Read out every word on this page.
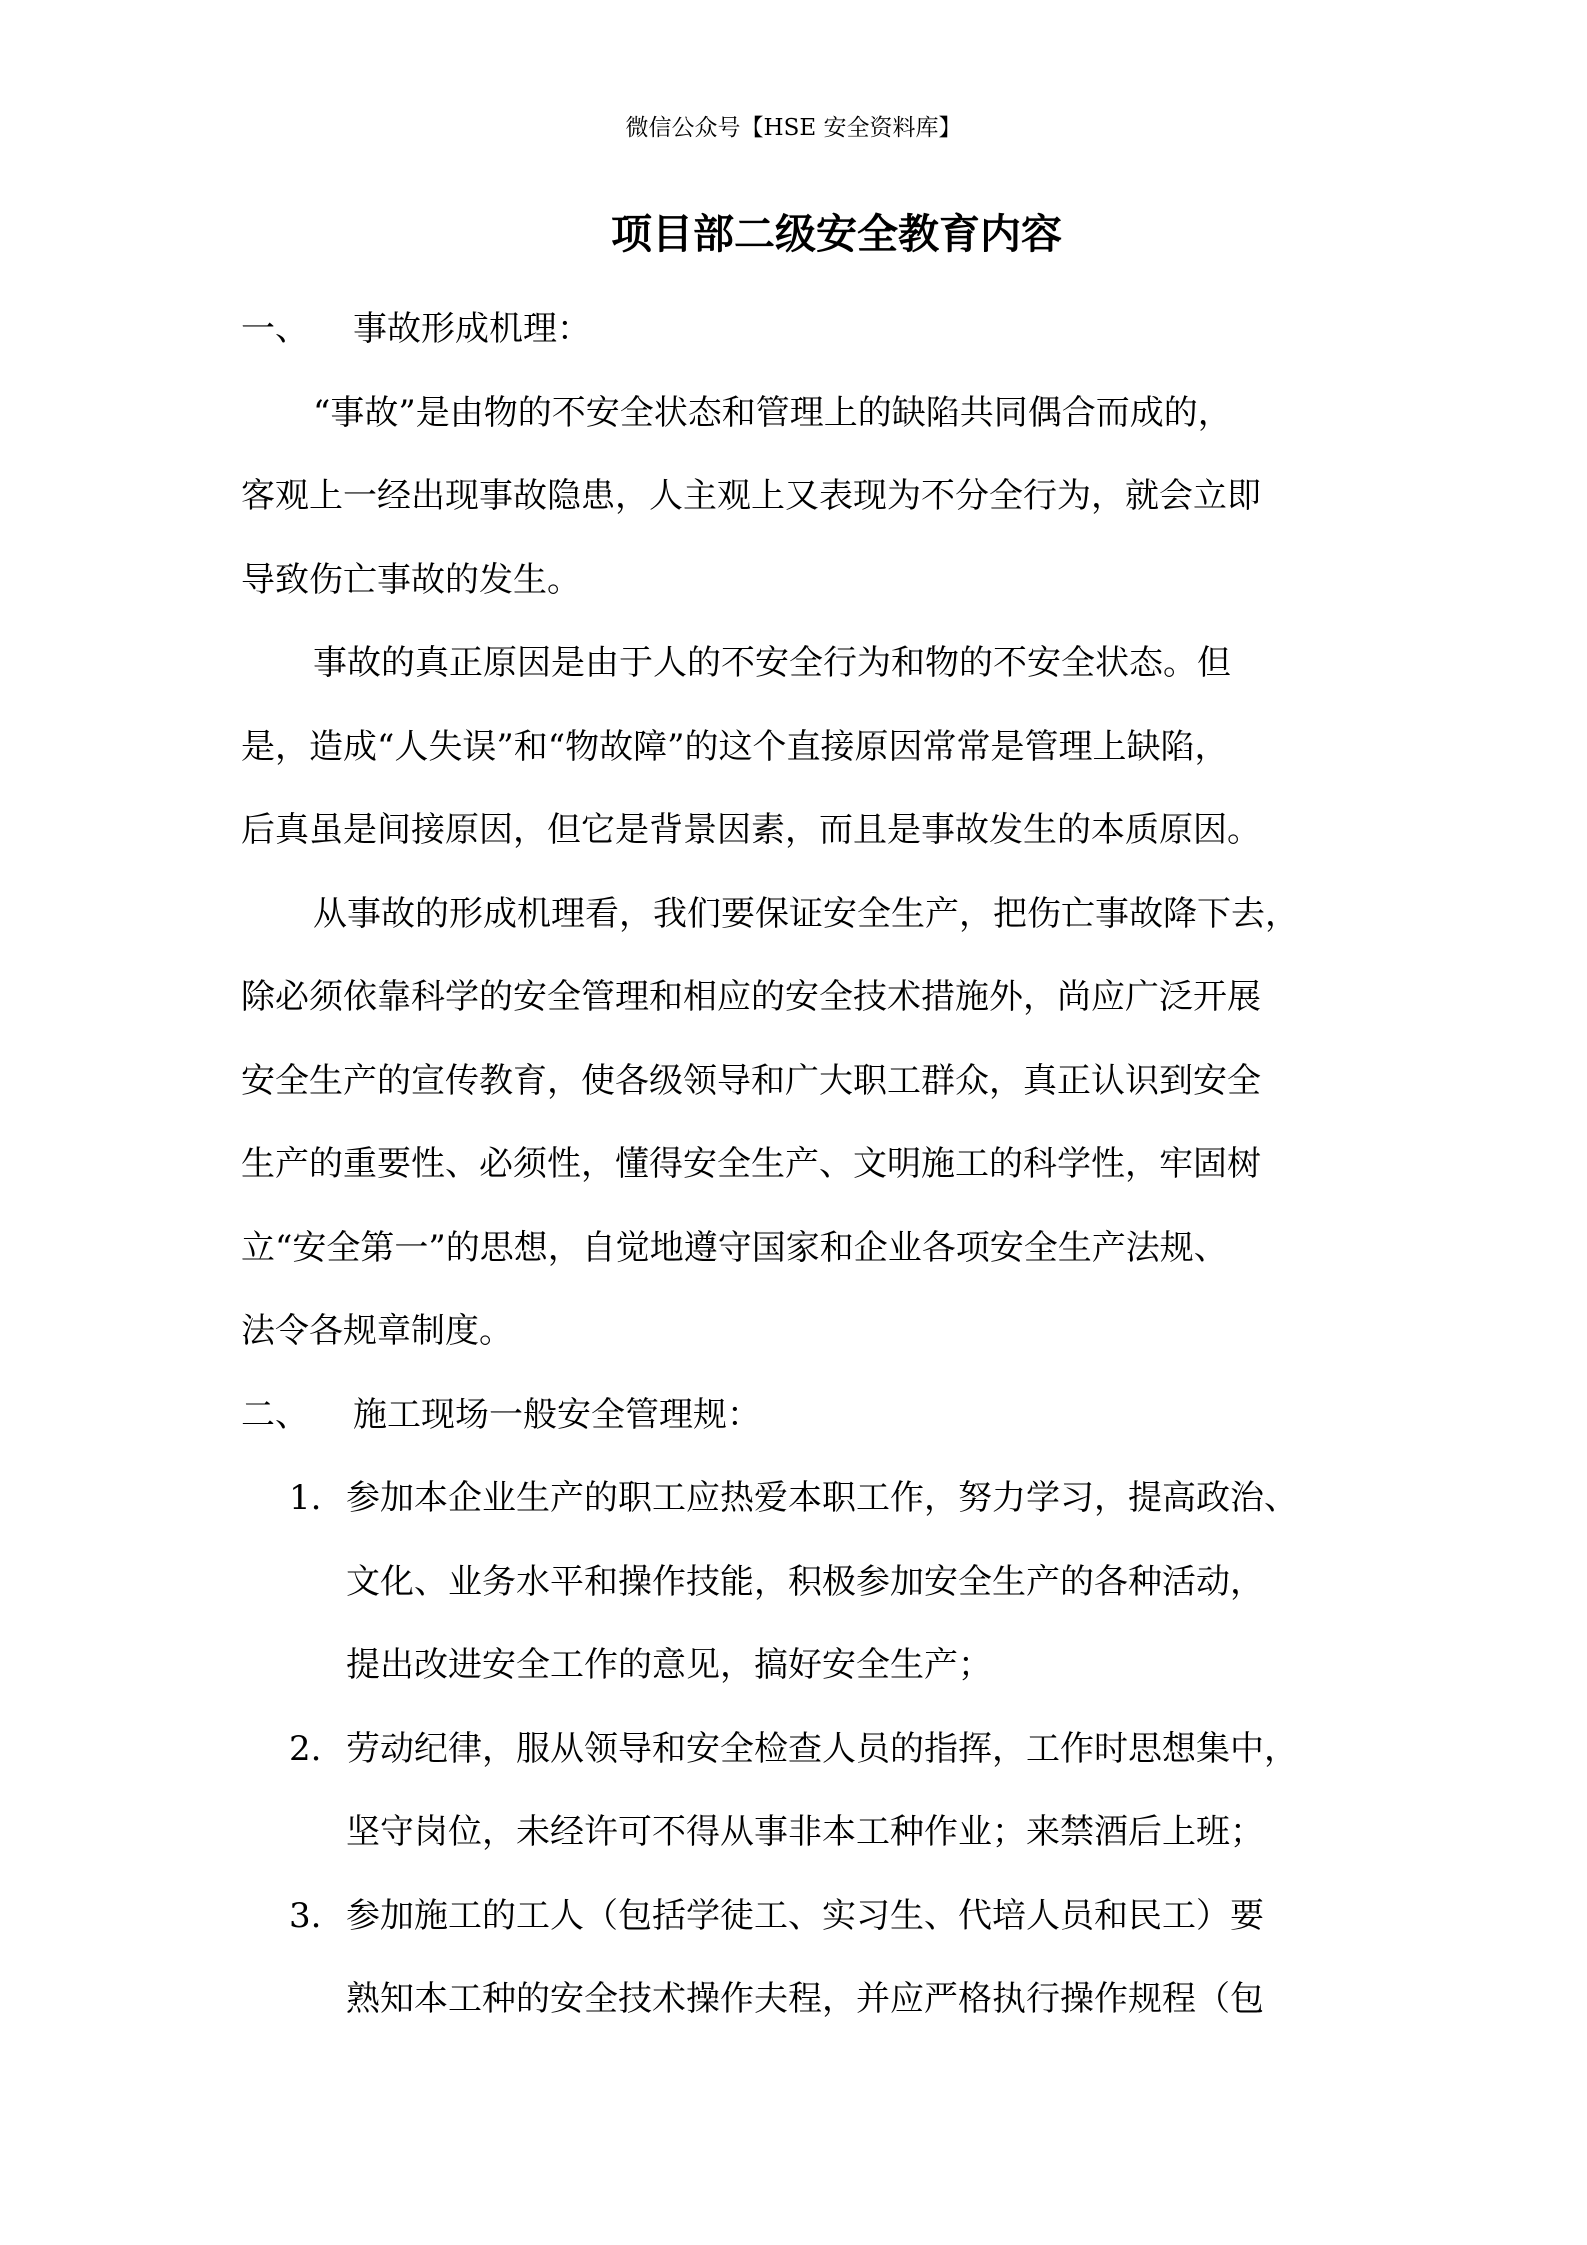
微信公众号【HSE 安全资料库】
项目部二级安全教育内容
一、 事故形成机理：
“事故”是由物的不安全状态和管理上的缺陷共同偶合而成的，
客观上一经出现事故隐患，人主观上又表现为不分全行为，就会立即
导致伤亡事故的发生。
事故的真正原因是由于人的不安全行为和物的不安全状态。但
是，造成“人失误”和“物故障”的这个直接原因常常是管理上缺陷，
后真虽是间接原因，但它是背景因素，而且是事故发生的本质原因。
从事故的形成机理看，我们要保证安全生产，把伤亡事故降下去，
除必须依靠科学的安全管理和相应的安全技术措施外，尚应广泛开展
安全生产的宣传教育，使各级领导和广大职工群众，真正认识到安全
生产的重要性、必须性，懂得安全生产、文明施工的科学性，牢固树
立“安全第一”的思想，自觉地遵守国家和企业各项安全生产法规、
法令各规章制度。
二、 施工现场一般安全管理规：
1. 参加本企业生产的职工应热爱本职工作，努力学习，提高政治、
文化、业务水平和操作技能，积极参加安全生产的各种活动，
提出改进安全工作的意见，搞好安全生产；
2. 劳动纪律，服从领导和安全检查人员的指挥，工作时思想集中，
坚守岗位，未经许可不得从事非本工种作业；来禁酒后上班；
3. 参加施工的工人（包括学徒工、实习生、代培人员和民工）要
熟知本工种的安全技术操作夫程，并应严格执行操作规程（包
